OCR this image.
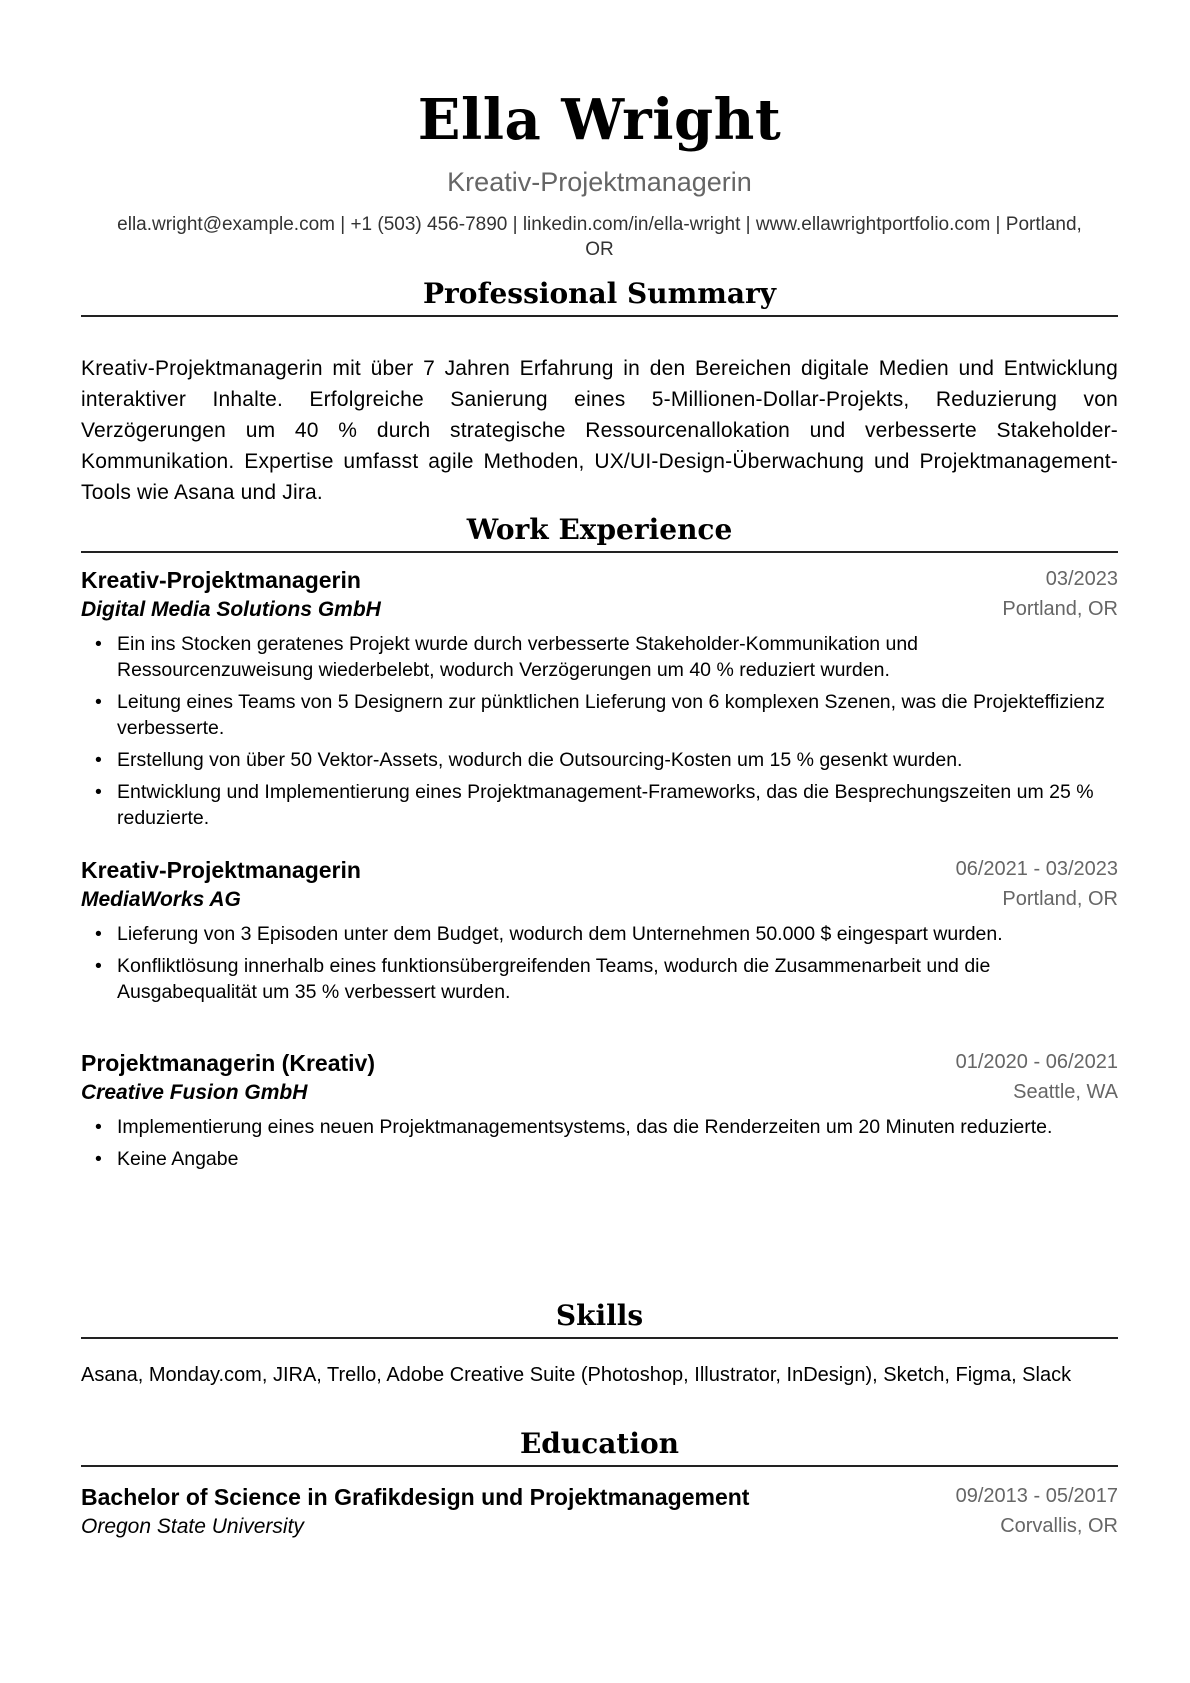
Ella Wright
Kreativ-Projektmanagerin
ella.wright@example.com | +1 (503) 456-7890 | linkedin.com/in/ella-wright | www.ellawrightportfolio.com | Portland,
OR
Professional Summary
Kreativ-Projektmanagerin mit über 7 Jahren Erfahrung in den Bereichen digitale Medien und Entwicklung interaktiver Inhalte. Erfolgreiche Sanierung eines 5-Millionen-Dollar-Projekts, Reduzierung von Verzögerungen um 40 % durch strategische Ressourcenallokation und verbesserte Stakeholder-Kommunikation. Expertise umfasst agile Methoden, UX/UI-Design-Überwachung und Projektmanagement-Tools wie Asana und Jira.
Work Experience
Kreativ-Projektmanagerin	03/2023
Digital Media Solutions GmbH	Portland, OR
• Ein ins Stocken geratenes Projekt wurde durch verbesserte Stakeholder-Kommunikation und Ressourcenzuweisung wiederbelebt, wodurch Verzögerungen um 40 % reduziert wurden.
• Leitung eines Teams von 5 Designern zur pünktlichen Lieferung von 6 komplexen Szenen, was die Projekteffizienz verbesserte.
• Erstellung von über 50 Vektor-Assets, wodurch die Outsourcing-Kosten um 15 % gesenkt wurden.
• Entwicklung und Implementierung eines Projektmanagement-Frameworks, das die Besprechungszeiten um 25 % reduzierte.
Kreativ-Projektmanagerin	06/2021 - 03/2023
MediaWorks AG	Portland, OR
• Lieferung von 3 Episoden unter dem Budget, wodurch dem Unternehmen 50.000 $ eingespart wurden.
• Konfliktlösung innerhalb eines funktionsübergreifenden Teams, wodurch die Zusammenarbeit und die Ausgabequalität um 35 % verbessert wurden.
Projektmanagerin (Kreativ)	01/2020 - 06/2021
Creative Fusion GmbH	Seattle, WA
• Implementierung eines neuen Projektmanagementsystems, das die Renderzeiten um 20 Minuten reduzierte.
• Keine Angabe
Skills
Asana, Monday.com, JIRA, Trello, Adobe Creative Suite (Photoshop, Illustrator, InDesign), Sketch, Figma, Slack
Education
Bachelor of Science in Grafikdesign und Projektmanagement	09/2013 - 05/2017
Oregon State University	Corvallis, OR
